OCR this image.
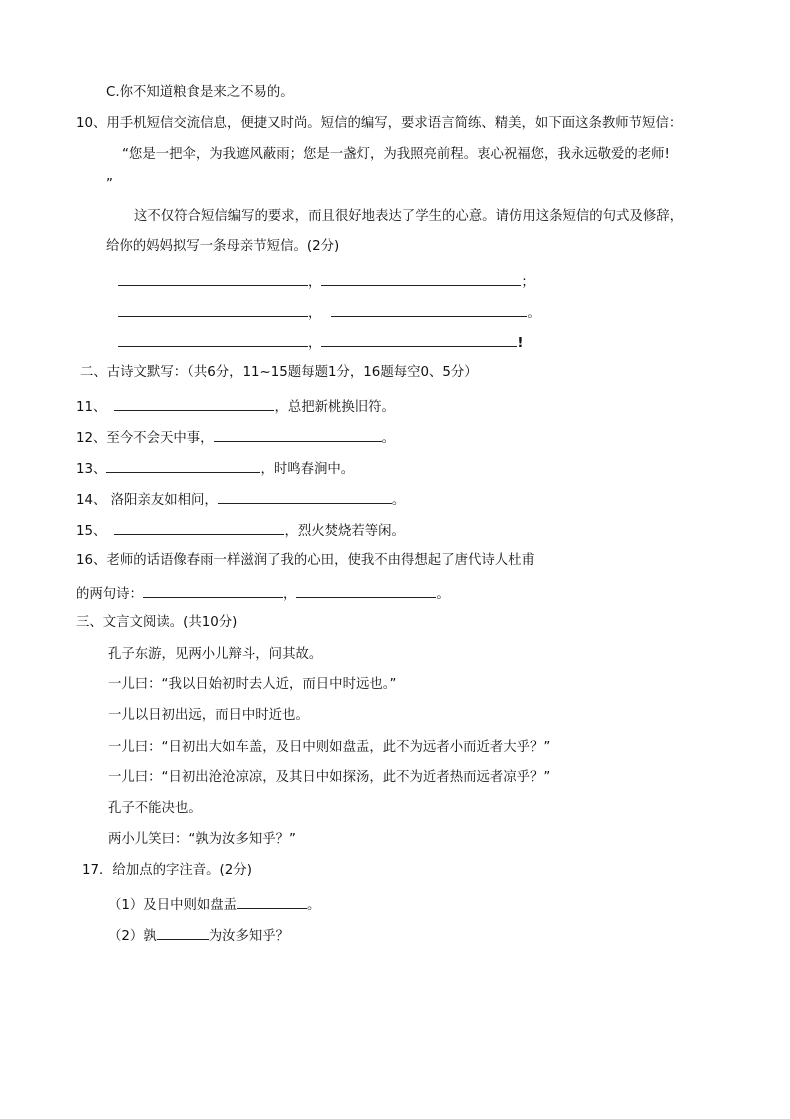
C.你不知道粮食是来之不易的。
10、用手机短信交流信息，便捷又时尚。短信的编写，要求语言简练、精美，如下面这条教师节短信：
“您是一把伞，为我遮风蔽雨；您是一盏灯，为我照亮前程。衷心祝福您，我永远敬爱的老师!
”
这不仅符合短信编写的要求，而且很好地表达了学生的心意。请仿用这条短信的句式及修辞，
给你的妈妈拟写一条母亲节短信。(2分)
，	；
，	。
，	!
二、古诗文默写：（共6分，11~15题每题1分，16题每空0、5分）
11、	，总把新桃换旧符。
12、至今不会天中事，	。
13、	，时鸣春涧中。
14、 洛阳亲友如相问，	。
15、	，烈火焚烧若等闲。
16、老师的话语像春雨一样滋润了我的心田，使我不由得想起了唐代诗人杜甫
的两句诗：	，	。
三、文言文阅读。(共10分)
孔子东游，见两小儿辩斗，问其故。
一儿曰：“我以日始初时去人近，而日中时远也。”
一儿以日初出远，而日中时近也。
一儿曰：“日初出大如车盖，及日中则如盘盂，此不为远者小而近者大乎？”
一儿曰：“日初出沧沧凉凉，及其日中如探汤，此不为近者热而远者凉乎？”
孔子不能决也。
两小儿笑曰：“孰为汝多知乎？”
17．给加点的字注音。(2分)
（1）及日中则如盘盂	。
（2）孰	为汝多知乎？
